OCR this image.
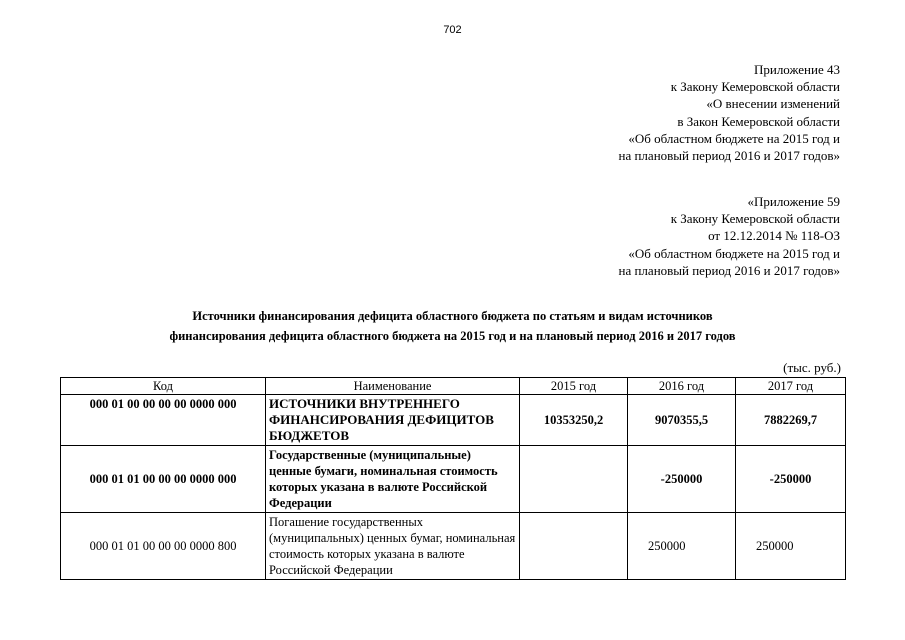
702
Приложение 43
к Закону Кемеровской области
«О внесении изменений
в Закон Кемеровской области
«Об областном бюджете на 2015 год и
на плановый период 2016 и 2017 годов»
«Приложение 59
к Закону Кемеровской области
от 12.12.2014 № 118-ОЗ
«Об областном бюджете на 2015 год и
на плановый период 2016 и 2017 годов»
Источники финансирования дефицита областного бюджета по статьям и видам источников
финансирования дефицита областного бюджета на 2015 год и на плановый период 2016 и 2017 годов
(тыс. руб.)
Код	Наименование	2015 год	2016 год	2017 год
000 01 00 00 00 00 0000 000	ИСТОЧНИКИ ВНУТРЕННЕГО ФИНАНСИРОВАНИЯ ДЕФИЦИТОВ БЮДЖЕТОВ	10353250,2	9070355,5	7882269,7
000 01 01 00 00 00 0000 000	Государственные (муниципальные) ценные бумаги, номинальная стоимость которых указана в валюте Российской Федерации		-250000	-250000
000 01 01 00 00 00 0000 800	Погашение государственных (муниципальных) ценных бумаг, номинальная стоимость которых указана в валюте Российской Федерации		250000	250000
